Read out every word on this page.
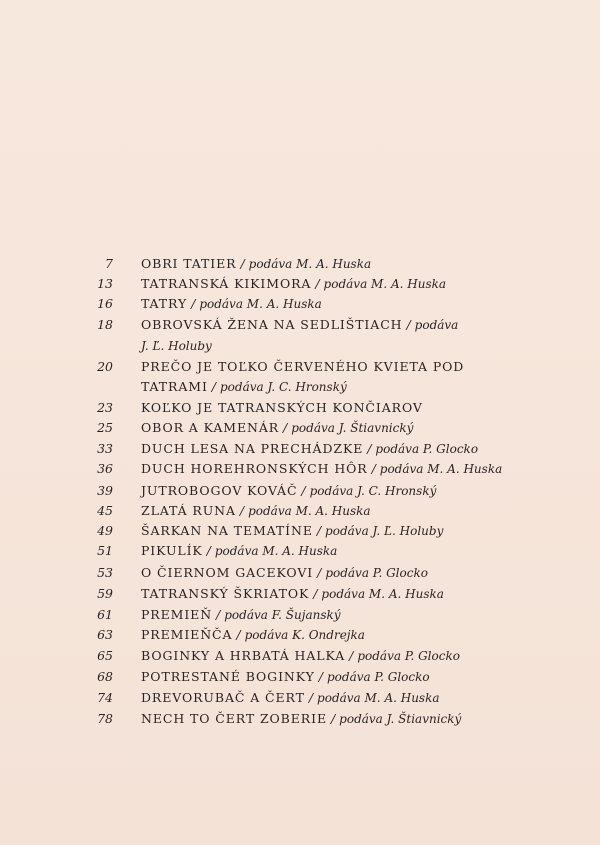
7 OBRI TATIER / podáva M. A. Huska
13 TATRANSKÁ KIKIMORA / podáva M. A. Huska
16 TATRY / podáva M. A. Huska
18 OBROVSKÁ ŽENA NA SEDLIŠTIACH / podáva
J. Ľ. Holuby
20 PREČO JE TOĽKO ČERVENÉHO KVIETA POD
TATRAMI / podáva J. C. Hronský
23 KOĽKO JE TATRANSKÝCH KONČIAROV
25 OBOR A KAMENÁR / podáva J. Štiavnický
33 DUCH LESA NA PRECHÁDZKE / podáva P. Glocko
36 DUCH HOREHRONSKÝCH HÔR / podáva M. A. Huska
39 JUTROBOGOV KOVÁČ / podáva J. C. Hronský
45 ZLATÁ RUNA / podáva M. A. Huska
49 ŠARKAN NA TEMATÍNE / podáva J. Ľ. Holuby
51 PIKULÍK / podáva M. A. Huska
53 O ČIERNOM GACEKOVI / podáva P. Glocko
59 TATRANSKÝ ŠKRIATOK / podáva M. A. Huska
61 PREMIEŇ / podáva F. Šujanský
63 PREMIEŇČA / podáva K. Ondrejka
65 BOGINKY A HRBATÁ HALKA / podáva P. Glocko
68 POTRESTANÉ BOGINKY / podáva P. Glocko
74 DREVORUBAČ A ČERT / podáva M. A. Huska
78 NECH TO ČERT ZOBERIE / podáva J. Štiavnický
